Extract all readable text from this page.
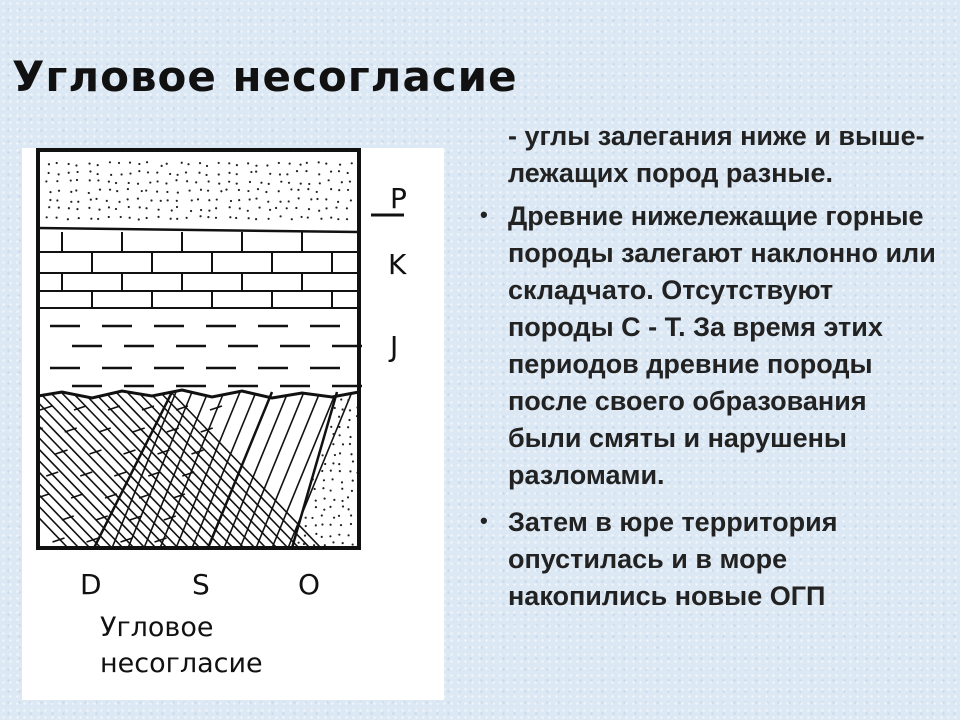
Угловое несогласие
P
K
J
D	S	O
Угловое
несогласие
- углы залегания ниже и выше-лежащих пород разные.
• Древние нижележащие горные породы залегают наклонно или складчато. Отсутствуют породы С - Т. За время этих периодов древние породы после своего образования были смяты и нарушены разломами.
• Затем в юре территория опустилась и в море накопились новые ОГП
